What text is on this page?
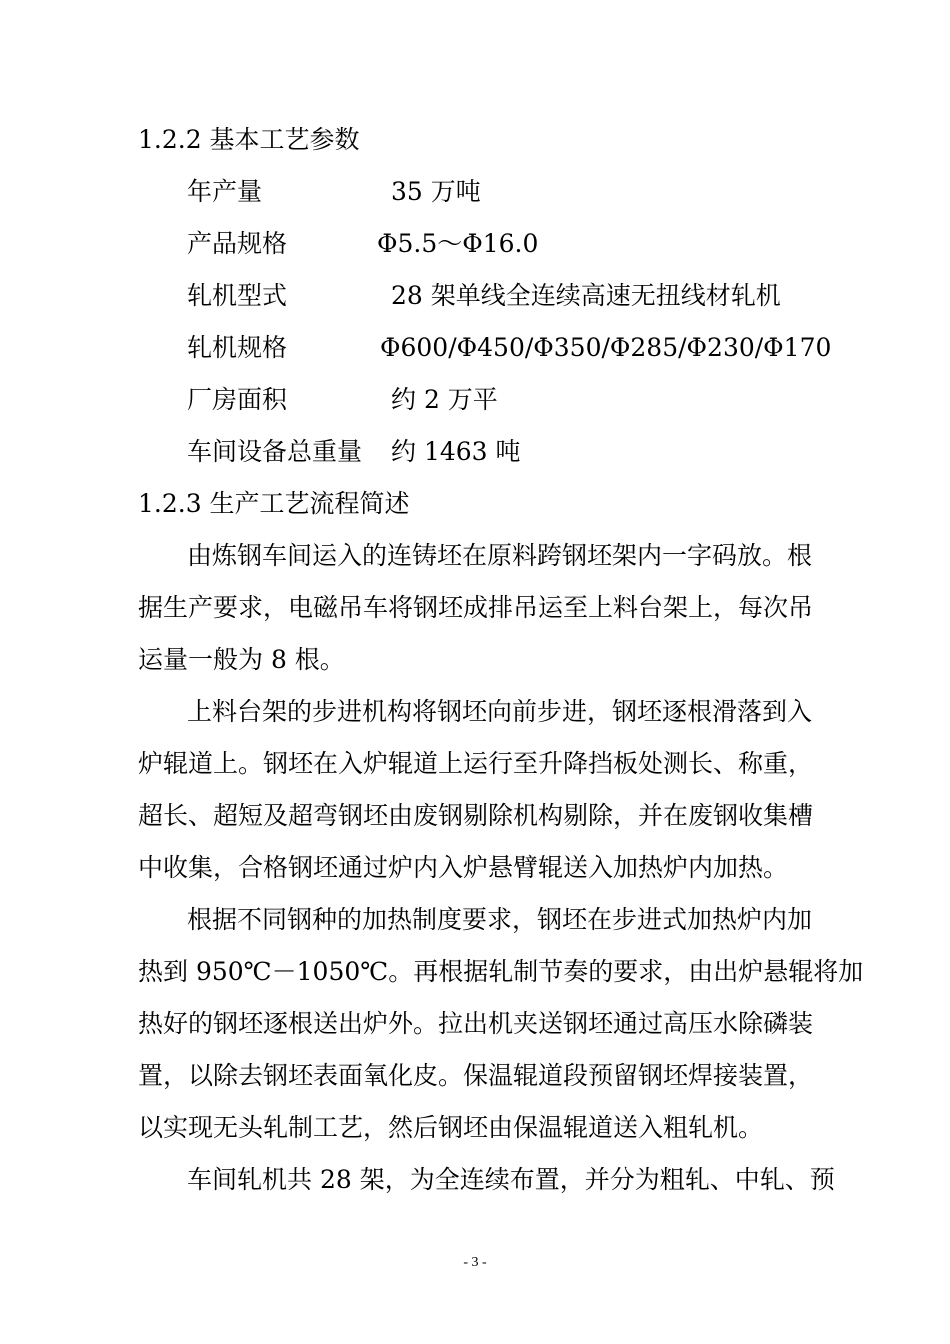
1.2.2 基本工艺参数
年产量	35 万吨
产品规格	Φ5.5～Φ16.0
轧机型式	28 架单线全连续高速无扭线材轧机
轧机规格	Φ600/Φ450/Φ350/Φ285/Φ230/Φ170
厂房面积	约 2 万平
车间设备总重量 约 1463 吨
1.2.3 生产工艺流程简述
由炼钢车间运入的连铸坯在原料跨钢坯架内一字码放。根
据生产要求，电磁吊车将钢坯成排吊运至上料台架上，每次吊
运量一般为 8 根。
上料台架的步进机构将钢坯向前步进，钢坯逐根滑落到入
炉辊道上。钢坯在入炉辊道上运行至升降挡板处测长、称重，
超长、超短及超弯钢坯由废钢剔除机构剔除，并在废钢收集槽
中收集，合格钢坯通过炉内入炉悬臂辊送入加热炉内加热。
根据不同钢种的加热制度要求，钢坯在步进式加热炉内加
热到 950℃－1050℃。再根据轧制节奏的要求，由出炉悬辊将加
热好的钢坯逐根送出炉外。拉出机夹送钢坯通过高压水除磷装
置，以除去钢坯表面氧化皮。保温辊道段预留钢坯焊接装置，
以实现无头轧制工艺，然后钢坯由保温辊道送入粗轧机。
车间轧机共 28 架，为全连续布置，并分为粗轧、中轧、预
- 3 -
